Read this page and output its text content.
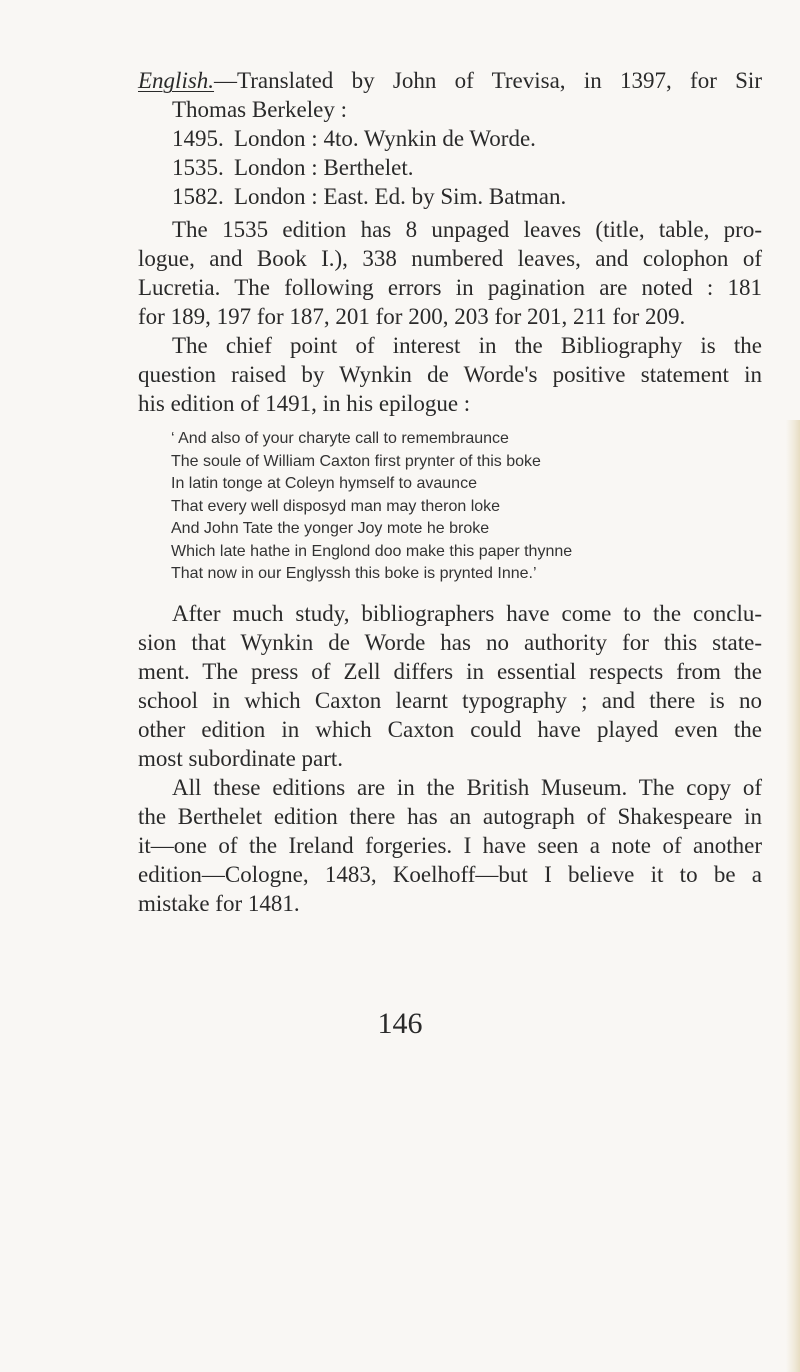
English.—Translated by John of Trevisa, in 1397, for Sir
Thomas Berkeley :
1495. London : 4to. Wynkin de Worde.
1535. London : Berthelet.
1582. London : East. Ed. by Sim. Batman.
The 1535 edition has 8 unpaged leaves (title, table, pro-
logue, and Book I.), 338 numbered leaves, and colophon of
Lucretia. The following errors in pagination are noted : 181
for 189, 197 for 187, 201 for 200, 203 for 201, 211 for 209.
The chief point of interest in the Bibliography is the
question raised by Wynkin de Worde's positive statement in
his edition of 1491, in his epilogue :
‘ And also of your charyte call to remembraunce
The soule of William Caxton first prynter of this boke
In latin tonge at Coleyn hymself to avaunce
That every well disposyd man may theron loke
And John Tate the yonger Joy mote he broke
Which late hathe in Englond doo make this paper thynne
That now in our Englyssh this boke is prynted Inne.’
After much study, bibliographers have come to the conclu-
sion that Wynkin de Worde has no authority for this state-
ment. The press of Zell differs in essential respects from the
school in which Caxton learnt typography ; and there is no
other edition in which Caxton could have played even the
most subordinate part.
All these editions are in the British Museum. The copy of
the Berthelet edition there has an autograph of Shakespeare in
it—one of the Ireland forgeries. I have seen a note of another
edition—Cologne, 1483, Koelhoff—but I believe it to be a
mistake for 1481.
146
